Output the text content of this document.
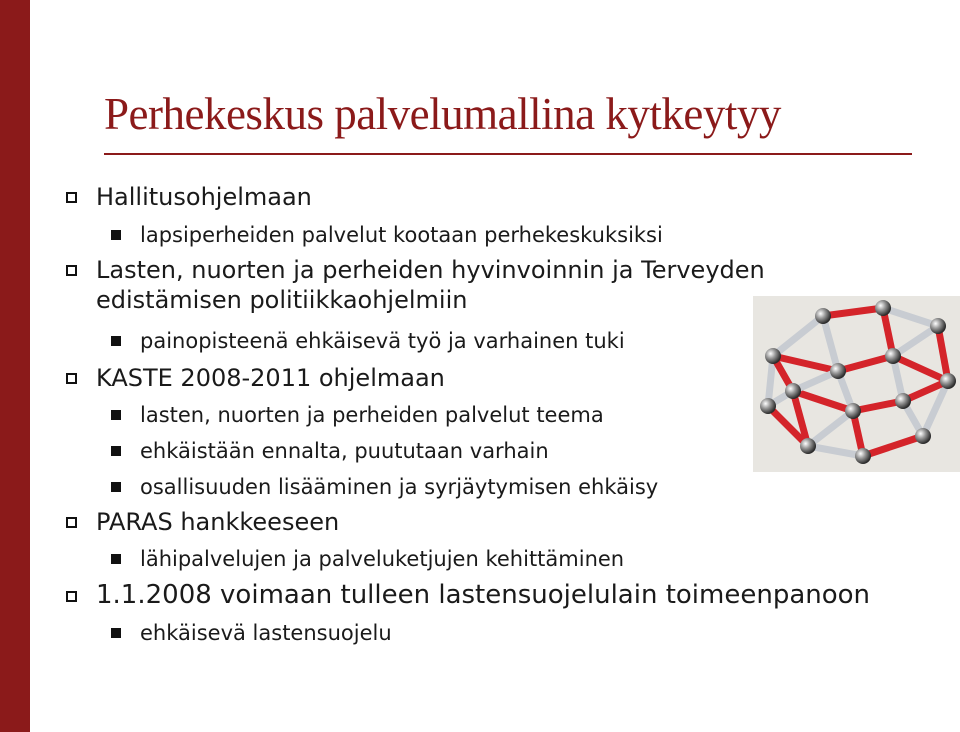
Perhekeskus palvelumallina kytkeytyy
Hallitusohjelmaan
lapsiperheiden palvelut kootaan perhekeskuksiksi
Lasten, nuorten ja perheiden hyvinvoinnin ja Terveyden
edistämisen politiikkaohjelmiin
painopisteenä ehkäisevä työ ja varhainen tuki
KASTE 2008-2011 ohjelmaan
lasten, nuorten ja perheiden palvelut teema
ehkäistään ennalta, puututaan varhain
osallisuuden lisääminen ja syrjäytymisen ehkäisy
PARAS hankkeeseen
lähipalvelujen ja palveluketjujen kehittäminen
1.1.2008 voimaan tulleen lastensuojelulain toimeenpanoon
ehkäisevä lastensuojelu
